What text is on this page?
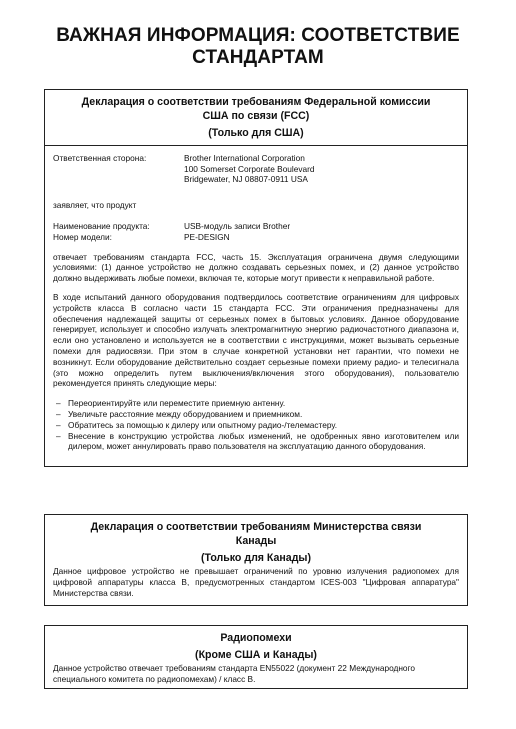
ВАЖНАЯ ИНФОРМАЦИЯ: СООТВЕТСТВИЕ
СТАНДАРТАМ
Декларация о соответствии требованиям Федеральной комиссии
США по связи (FCC)
(Только для США)
Ответственная сторона:	Brother International Corporation
100 Somerset Corporate Boulevard
Bridgewater, NJ 08807-0911 USA
заявляет, что продукт
Наименование продукта:	USB-модуль записи Brother
Номер модели:	PE-DESIGN

отвечает требованиям стандарта FCC, часть 15. Эксплуатация ограничена двумя следующими условиями: (1) данное устройство не должно создавать серьезных помех, и (2) данное устройство должно выдерживать любые помехи, включая те, которые могут привести к неправильной работе.

В ходе испытаний данного оборудования подтвердилось соответствие ограничениям для цифровых устройств класса B согласно части 15 стандарта FCC. Эти ограничения предназначены для обеспечения надлежащей защиты от серьезных помех в бытовых условиях. Данное оборудование генерирует, использует и способно излучать электромагнитную энергию радиочастотного диапазона и, если оно установлено и используется не в соответствии с инструкциями, может вызывать серьезные помехи для радиосвязи. При этом в случае конкретной установки нет гарантии, что помехи не возникнут. Если оборудование действительно создает серьезные помехи приему радио- и телесигнала (это можно определить путем выключения/включения этого оборудования), пользователю рекомендуется принять следующие меры:

– Переориентируйте или переместите приемную антенну.
– Увеличьте расстояние между оборудованием и приемником.
– Обратитесь за помощью к дилеру или опытному радио-/телемастеру.
– Внесение в конструкцию устройства любых изменений, не одобренных явно изготовителем или дилером, может аннулировать право пользователя на эксплуатацию данного оборудования.
Декларация о соответствии требованиям Министерства связи
Канады
(Только для Канады)

Данное цифровое устройство не превышает ограничений по уровню излучения радиопомех для цифровой аппаратуры класса B, предусмотренных стандартом ICES-003 "Цифровая аппаратура" Министерства связи.

Радиопомехи
(Кроме США и Канады)

Данное устройство отвечает требованиям стандарта EN55022 (документ 22 Международного специального комитета по радиопомехам) / класс B.
